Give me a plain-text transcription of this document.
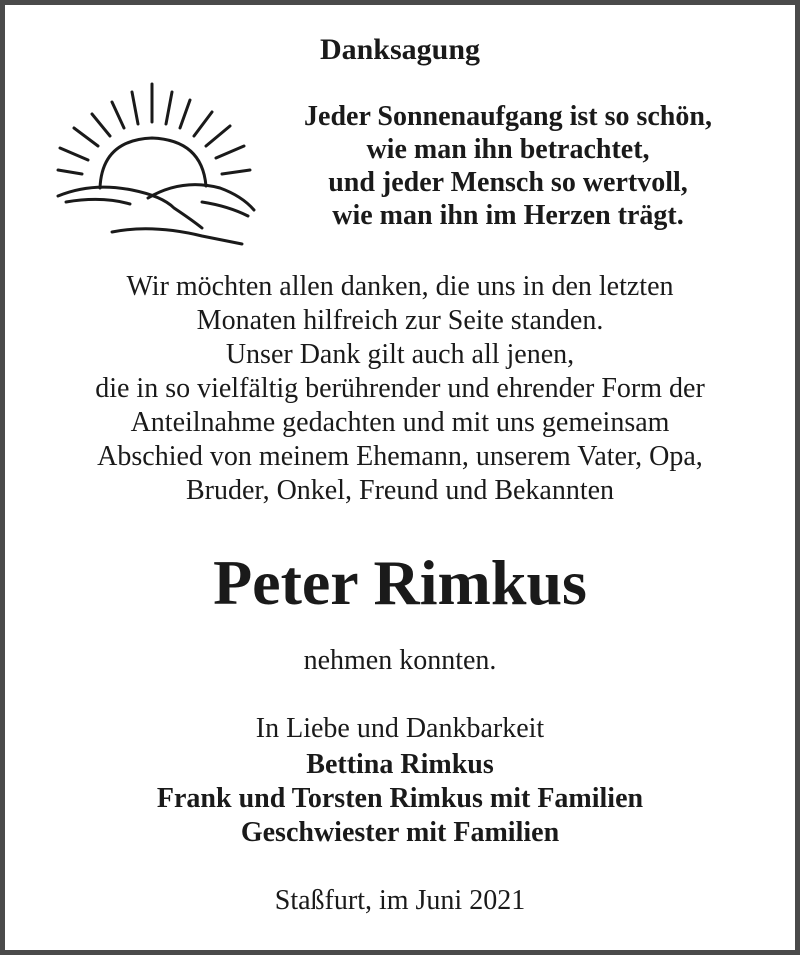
Danksagung
Jeder Sonnenaufgang ist so schön,
wie man ihn betrachtet,
und jeder Mensch so wertvoll,
wie man ihn im Herzen trägt.
Wir möchten allen danken, die uns in den letzten
Monaten hilfreich zur Seite standen.
Unser Dank gilt auch all jenen,
die in so vielfältig berührender und ehrender Form der
Anteilnahme gedachten und mit uns gemeinsam
Abschied von meinem Ehemann, unserem Vater, Opa,
Bruder, Onkel, Freund und Bekannten
Peter Rimkus
nehmen konnten.
In Liebe und Dankbarkeit
Bettina Rimkus
Frank und Torsten Rimkus mit Familien
Geschwiester mit Familien
Staßfurt, im Juni 2021
